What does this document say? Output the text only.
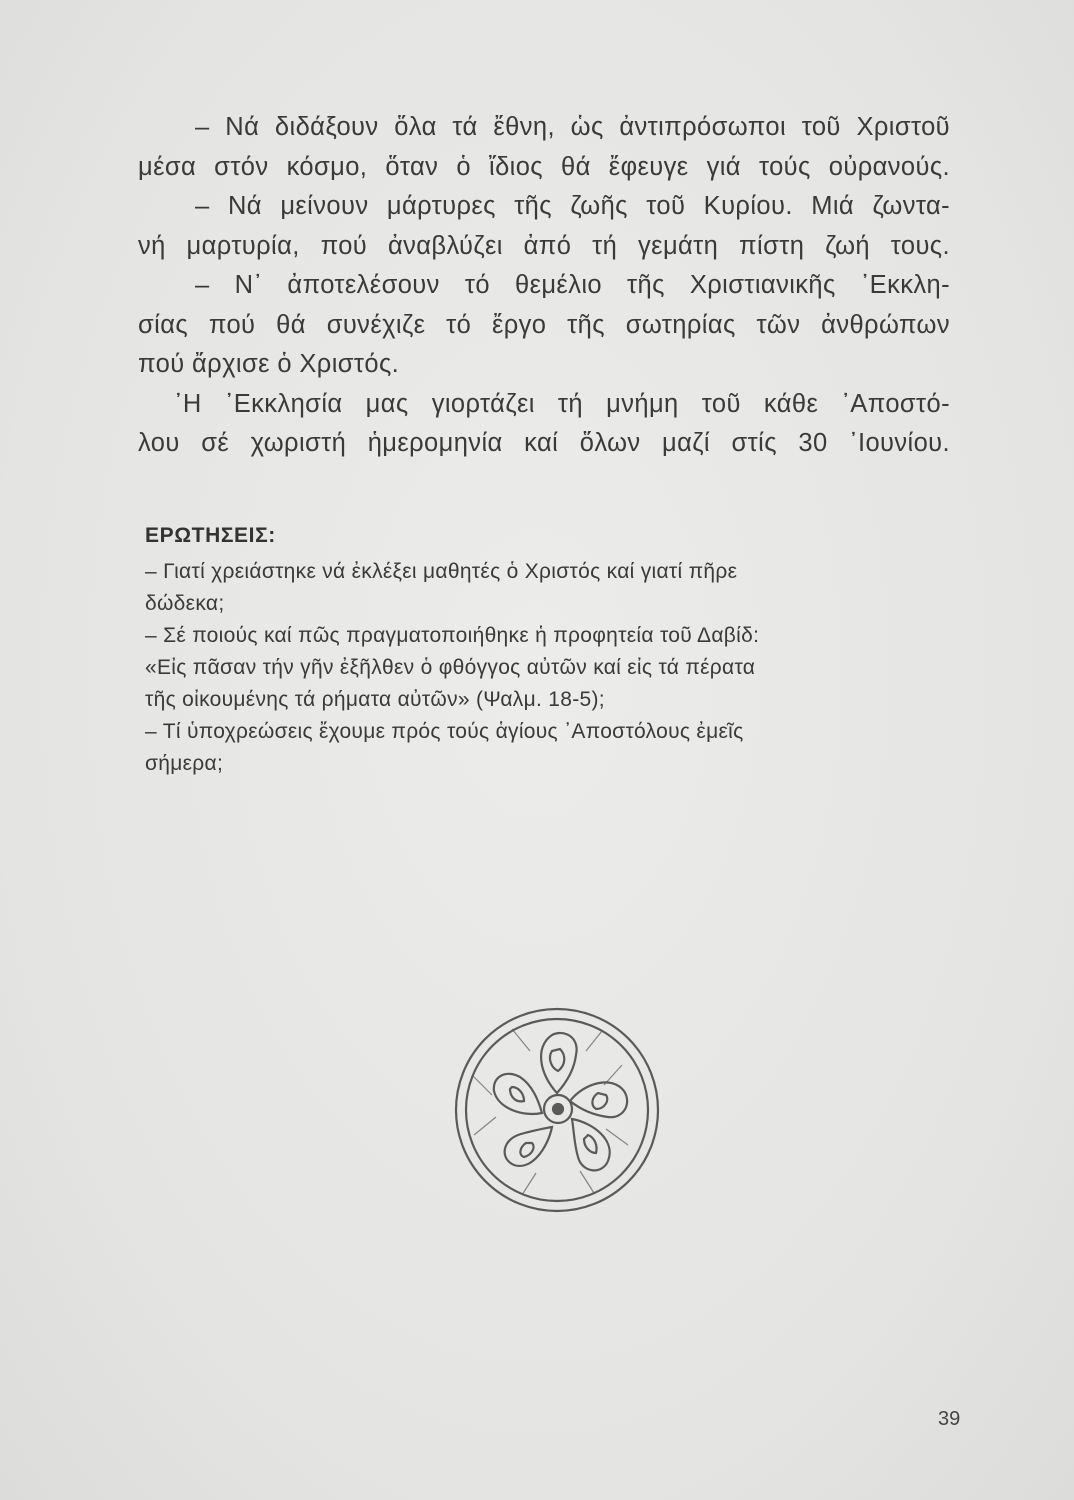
– Νά διδάξουν ὅλα τά ἔθνη, ὡς ἀντιπρόσωποι τοῦ Χριστοῦ
μέσα στόν κόσμο, ὅταν ὁ ἴδιος θά ἔφευγε γιά τούς οὐρανούς.
– Νά μείνουν μάρτυρες τῆς ζωῆς τοῦ Κυρίου. Μιά ζωντα-
νή μαρτυρία, πού ἀναβλύζει ἀπό τή γεμάτη πίστη ζωή τους.
– Ν᾽ ἀποτελέσουν τό θεμέλιο τῆς Χριστιανικῆς ᾽Εκκλη-
σίας πού θά συνέχιζε τό ἔργο τῆς σωτηρίας τῶν ἀνθρώπων
πού ἄρχισε ὁ Χριστός.
᾽Η ᾽Εκκλησία μας γιορτάζει τή μνήμη τοῦ κάθε ᾽Αποστό-
λου σέ χωριστή ἡμερομηνία καί ὅλων μαζί στίς 30 ᾽Ιουνίου.
ΕΡΩΤΗΣΕΙΣ:
– Γιατί χρειάστηκε νά ἐκλέξει μαθητές ὁ Χριστός καί γιατί πῆρε
δώδεκα;
– Σέ ποιούς καί πῶς πραγματοποιήθηκε ἡ προφητεία τοῦ Δαβίδ:
«Εἰς πᾶσαν τήν γῆν ἐξῆλθεν ὁ φθόγγος αὐτῶν καί εἰς τά πέρατα
τῆς οἰκουμένης τά ρήματα αὐτῶν» (Ψαλμ. 18-5);
– Τί ὑποχρεώσεις ἔχουμε πρός τούς ἁγίους ᾽Αποστόλους ἐμεῖς
σήμερα;
39
